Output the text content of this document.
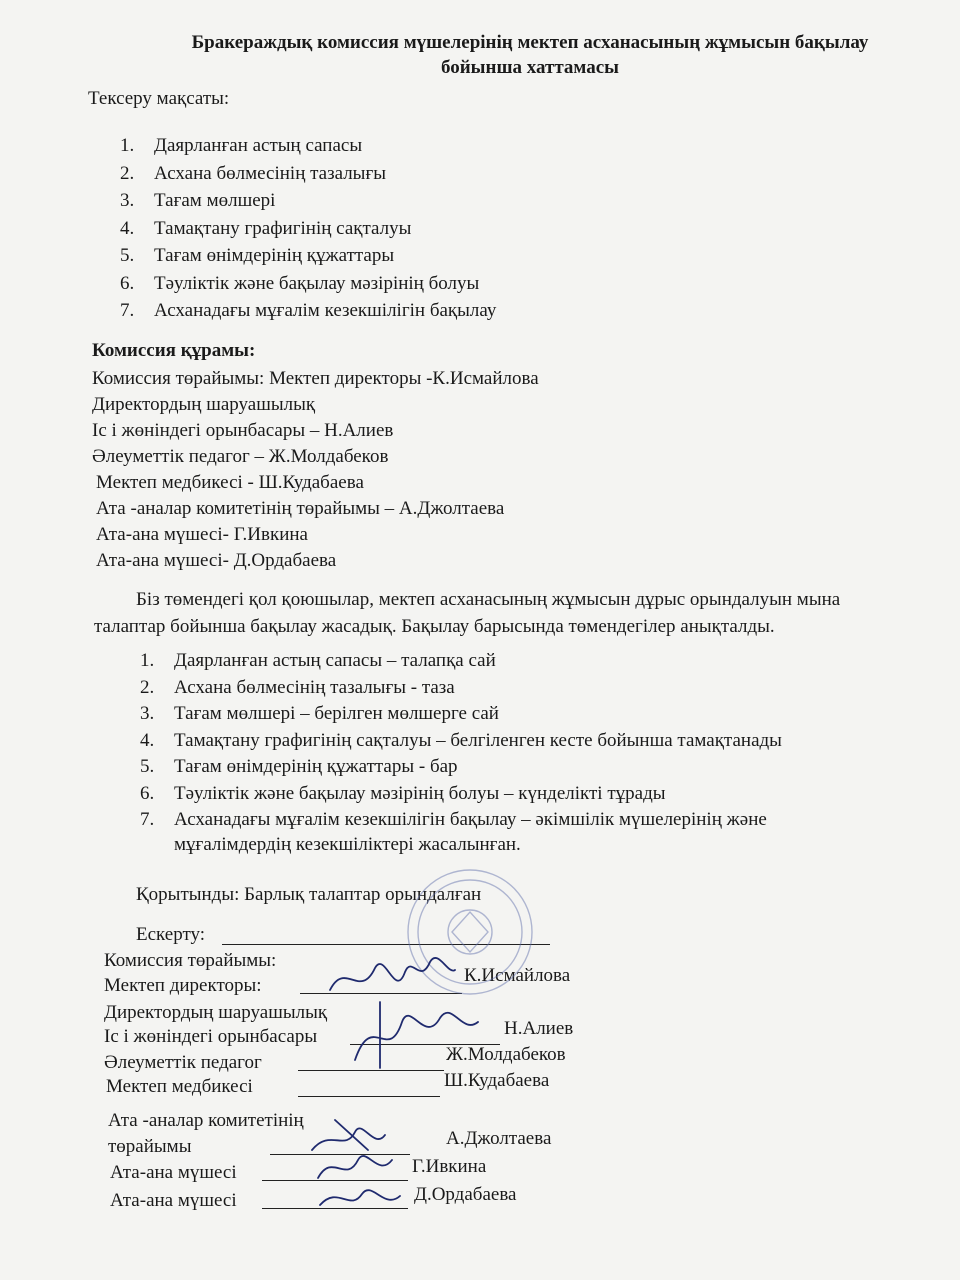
Бракераждық комиссия мүшелерінің мектеп асханасының жұмысын бақылау
бойынша хаттамасы
Тексеру мақсаты:
1. Даярланған астың сапасы
2. Асхана бөлмесінің тазалығы
3. Тағам мөлшері
4. Тамақтану графигінің сақталуы
5. Тағам өнімдерінің құжаттары
6. Тәуліктік және бақылау мәзірінің болуы
7. Асханадағы мұғалім кезекшілігін бақылау
Комиссия құрамы:
Комиссия төрайымы: Мектеп директоры -К.Исмайлова
Директордың шаруашылық
Іс і жөніндегі орынбасары – Н.Алиев
Әлеуметтік педагог – Ж.Молдабеков
Мектеп медбикесі - Ш.Кудабаева
Ата -аналар комитетінің төрайымы – А.Джолтаева
Ата-ана мүшесі- Г.Ивкина
Ата-ана мүшесі- Д.Ордабаева
Біз төмендегі қол қоюшылар, мектеп асханасының жұмысын дұрыс орындалуын мына
талаптар бойынша бақылау жасадық. Бақылау барысында төмендегілер анықталды.
1. Даярланған астың сапасы – талапқа сай
2. Асхана бөлмесінің тазалығы - таза
3. Тағам мөлшері – берілген мөлшерге сай
4. Тамақтану графигінің сақталуы – белгіленген кесте бойынша тамақтанады
5. Тағам өнімдерінің құжаттары - бар
6. Тәуліктік және бақылау мәзірінің болуы – күнделікті тұрады
7. Асханадағы мұғалім кезекшілігін бақылау – әкімшілік мүшелерінің және
мұғалімдердің кезекшіліктері жасалынған.
Қорытынды: Барлық талаптар орындалған
Ескерту:
Комиссия төрайымы:
Мектеп директоры:	К.Исмайлова
Директордың шаруашылық
Іс і жөніндегі орынбасары	Н.Алиев
Әлеуметтік педагог	Ж.Молдабеков
Мектеп медбикесі	Ш.Кудабаева
Ата -аналар комитетінің
төрайымы	А.Джолтаева
Ата-ана мүшесі	Г.Ивкина
Ата-ана мүшесі	Д.Ордабаева
